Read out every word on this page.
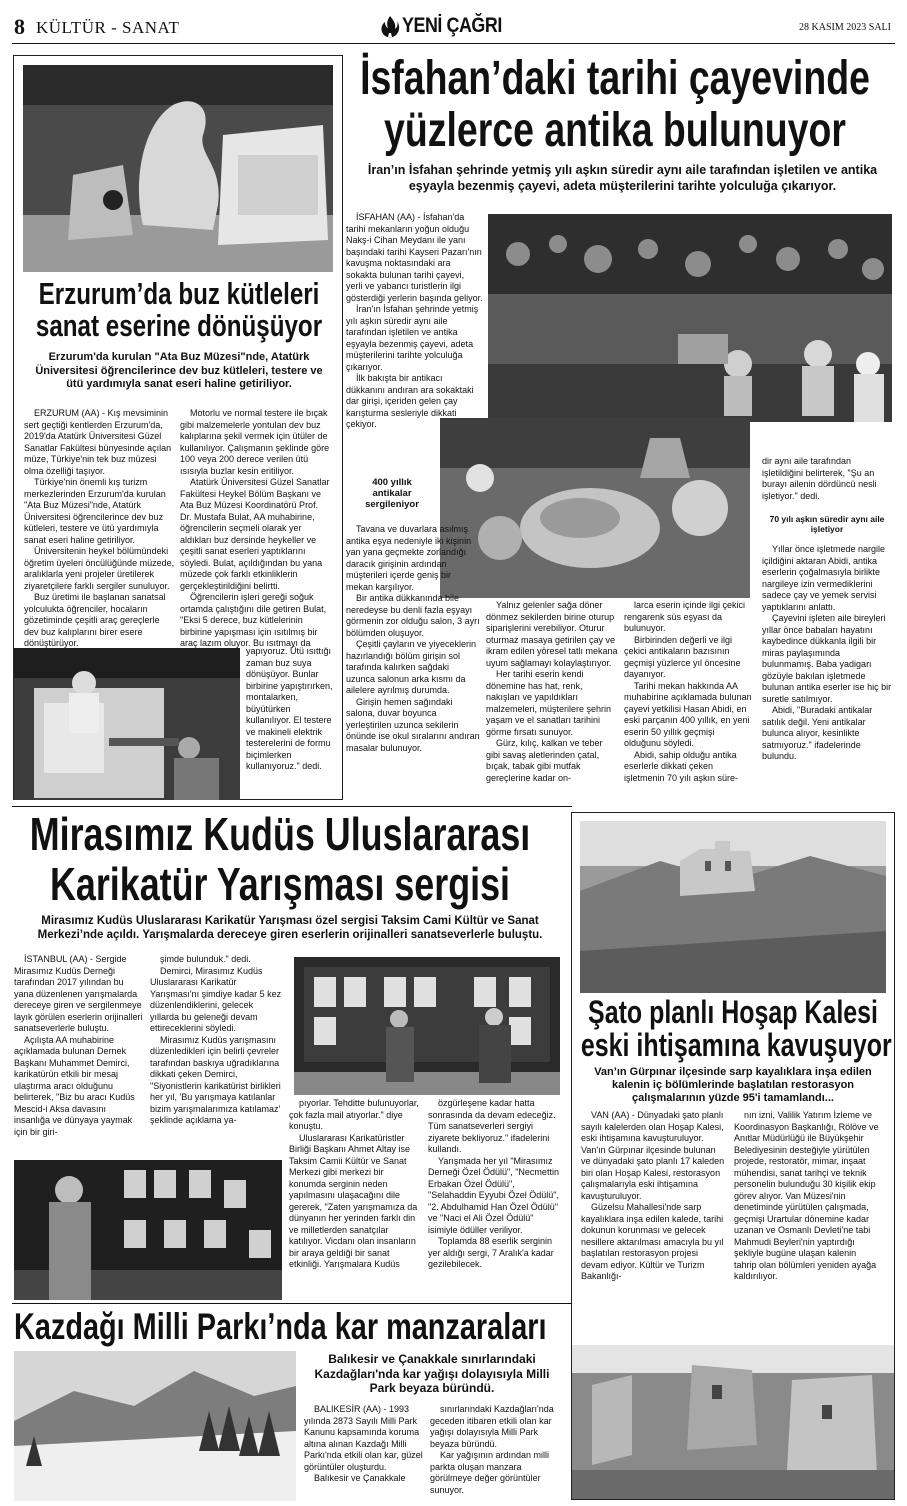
8 KÜLTÜR - SANAT	YENİ ÇAĞRI	28 KASIM 2023 SALI
Erzurum’da buz kütleleri
sanat eserine dönüşüyor
Erzurum'da kurulan "Ata Buz Müzesi"nde, Atatürk Üniversitesi öğrencilerince dev buz kütleleri, testere ve ütü yardımıyla sanat eseri haline getiriliyor.

ERZURUM (AA) - Kış mevsiminin sert geçtiği kentlerden Erzurum'da, 2019'da Atatürk Üniversitesi Güzel Sanatlar Fakültesi bünyesinde açılan müze, Türkiye'nin tek buz müzesi olma özelliği taşıyor.

Türkiye'nin önemli kış turizm merkezlerinden Erzurum'da kurulan "Ata Buz Müzesi"nde, Atatürk Üniversitesi öğrencilerince dev buz kütleleri, testere ve ütü yardımıyla sanat eseri haline getiriliyor.

Üniversitenin heykel bölümündeki öğretim üyeleri öncülüğünde müzede, aralıklarla yeni projeler üretilerek ziyaretçilere farklı sergiler sunuluyor.

Buz üretimi ile başlanan sanatsal yolculukta öğrenciler, hocaların gözetiminde çeşitli araç gereçlerle dev buz kalıplarını birer esere dönüştürüyor.

Motorlu ve normal testere ile bıçak gibi malzemelerle yontulan dev buz kalıplarına şekil vermek için ütüler de kullanılıyor. Çalışmanın şeklinde göre 100 veya 200 derece verilen ütü ısısıyla buzlar kesin eritiliyor.

Atatürk Üniversitesi Güzel Sanatlar Fakültesi Heykel Bölüm Başkanı ve Ata Buz Müzesi Koordinatörü Prof. Dr. Mustafa Bulat, AA muhabirine, öğrencilerin seçmeli olarak yer aldıkları buz dersinde heykeller ve çeşitli sanat eserleri yaptıklarını söyledi. Bulat, açıldığından bu yana müzede çok farklı etkinliklerin gerçekleştirildiğini belirtti.

Öğrencilerin işleri gereği soğuk ortamda çalıştığını dile getiren Bulat, "Eksi 5 derece, buz kütlelerinin birbirine yapışması için ısıtılmış bir araç lazım oluyor. Bu ısıtmayı da

yapıyoruz. Ütü ısıttığı zaman buz suya dönüşüyor. Bunlar birbirine yapıştırırken, montalarken, büyütürken kullanılıyor. El testere ve makineli elektrik testerelerini de formu biçimlerken kullanıyoruz." dedi.
İsfahan’daki tarihi çayevinde
yüzlerce antika bulunuyor
İran’ın İsfahan şehrinde yetmiş yılı aşkın süredir aynı aile tarafından işletilen ve antika eşyayla bezenmiş çayevi, adeta müşterilerini tarihte yolculuğa çıkarıyor.

İSFAHAN (AA) - İsfahan'da tarihi mekanların yoğun olduğu Nakş-i Cihan Meydanı ile yanı başındaki tarihi Kayseri Pazarı'nın kavuşma noktasındaki ara sokakta bulunan tarihi çayevi, yerli ve yabancı turistlerin ilgi gösterdiği yerlerin başında geliyor.

İran'ın İsfahan şehrinde yetmiş yılı aşkın süredir aynı aile tarafından işletilen ve antika eşyayla bezenmiş çayevi, adeta müşterilerini tarihte yolculuğa çıkarıyor.

İlk bakışta bir antikacı dükkanını andıran ara sokaktaki dar girişi, içeriden gelen çay karışturma sesleriyle dikkati çekiyor.

400 yıllık antikalar sergileniyor

Tavana ve duvarlara asılmış antika eşya nedeniyle iki kişinin yan yana geçmekte zorlandığı daracık girişinin ardından müşterileri içerde geniş bir mekan karşılıyor.

Bir antika dükkanında bile neredeyse bu denli fazla eşyayı görmenin zor olduğu salon, 3 ayrı bölümden oluşuyor.

Çeşitli çayların ve yiyeceklerin hazırlandığı bölüm girişin sol tarafında kalırken sağdaki uzunca salonun arka kısmı da ailelere ayrılmış durumda.

Girişin hemen sağındaki salona, duvar boyunca yerleştirilen uzunca sekilerin önünde ise okul sıralarını andıran masalar bulunuyor.

Yalnız gelenler sağa döner dönmez sekilerden birine oturup siparişlerini verebiliyor. Oturur oturmaz masaya getirilen çay ve ikram edilen yöresel tatlı mekana uyum sağlamayı kolaylaştırıyor.

Her tarihi eserin kendi dönemine has hat, renk, nakışları ve yapıldıkları malzemeleri, müşterilere şehrin yaşam ve el sanatları tarihini görme fırsatı sunuyor.

Gürz, kılıç, kalkan ve teber gibi savaş aletlerinden çatal, bıçak, tabak gibi mutfak gereçlerine kadar on-

larca eserin içinde ilgi çekici rengarenk süs eşyası da bulunuyor.

Birbirinden değerli ve ilgi çekici antikaların bazısının geçmişi yüzlerce yıl öncesine dayanıyor.

Tarihi mekan hakkında AA muhabirine açıklamada bulunan çayevi yetkilisi Hasan Abidi, en eski parçanın 400 yıllık, en yeni eserin 50 yıllık geçmişi olduğunu söyledi.

Abidi, sahip olduğu antika eserlerle dikkati çeken işletmenin 70 yılı aşkın süre-

dir aynı aile tarafından işletildiğini belirterek, "Şu an burayı ailenin dördüncü nesli işletiyor." dedi.
70 yılı aşkın süredir aynı aile işletiyor

Yıllar önce işletmede nargile içildiğini aktaran Abidi, antika eserlerin çoğalmasıyla birlikte nargileye izin vermediklerini sadece çay ve yemek servisi yaptıklarını anlattı.

Çayevini işleten aile bireyleri yıllar önce babaları hayatını kaybedince dükkanla ilgili bir miras paylaşımında bulunmamış. Baba yadigarı gözüyle bakılan işletmede bulunan antika eserler ise hiç bir suretle satılmıyor.

Abidi, "Buradaki antikalar satılık değil. Yeni antikalar bulunca alıyor, kesinlikte satmıyoruz." ifadelerinde bulundu.

Mirasımız Kudüs Uluslararası
Karikatür Yarışması sergisi
Mirasımız Kudüs Uluslararası Karikatür Yarışması özel sergisi Taksim Cami Kültür ve Sanat Merkezi’nde açıldı. Yarışmalarda dereceye giren eserlerin orijinalleri sanatseverlerle buluştu.

İSTANBUL (AA) - Sergide Mirasımız Kudüs Derneği tarafından 2017 yılından bu yana düzenlenen yarışmalarda dereceye giren ve sergilenmeye layık görülen eserlerin orijinalleri sanatseverlerle buluştu.

Açılışta AA muhabirine açıklamada bulunan Dernek Başkanı Muhammet Demirci, karikatürün etkili bir mesaj ulaştırma aracı olduğunu belirterek, "Biz bu aracı Kudüs Mescid-i Aksa davasını insanlığa ve dünyaya yaymak için bir giri-

şimde bulunduk." dedi.

Demirci, Mirasımız Kudüs Uluslararası Karikatür Yarışması'nı şimdiye kadar 5 kez düzenlendiklerini, gelecek yıllarda bu geleneği devam ettireceklerini söyledi.

Mirasımız Kudüs yarışmasını düzenledikleri için belirli çevreler tarafından baskıya uğradıklarına dikkati çeken Demirci, "Siyonistlerin karikatürist birlikleri her yıl, 'Bu yarışmaya katılanlar bizim yarışmalarımıza katılamaz' şeklinde açıklama ya-

pıyorlar. Tehditte bulunuyorlar, çok fazla mail atıyorlar." diye konuştu.

Uluslararası Karikatüristler Birliği Başkanı Ahmet Altay ise Taksim Camii Kültür ve Sanat Merkezi gibi merkezi bir konumda serginin neden yapılmasını ulaşacağını dile gererek, "Zaten yarışmamıza da dünyanın her yerinden farklı din ve milletlerden sanatçılar katılıyor. Vicdanı olan insanların bir araya geldiği bir sanat etkinliği. Yarışmalara Kudüs

özgürleşene kadar hatta sonrasında da devam edeceğiz. Tüm sanatseverleri sergiyi ziyarete bekliyoruz." ifadelerini kullandı.

Yarışmada her yıl "Mirasımız Derneği Özel Ödülü", "Necmettin Erbakan Özel Ödülü", "Selahaddin Eyyubi Özel Ödülü", "2. Abdulhamid Han Özel Ödülü" ve "Naci el Ali Özel Ödülü" isimiyle ödüller veriliyor.

Toplamda 88 eserlik serginin yer aldığı sergi, 7 Aralık'a kadar gezilebilecek.

Şato planlı Hoşap Kalesi
eski ihtişamına kavuşuyor
Van’ın Gürpınar ilçesinde sarp kayalıklara inşa edilen kalenin iç bölümlerinde başlatılan restorasyon çalışmalarının yüzde 95'i tamamlandı...

VAN (AA) - Dünyadaki şato planlı sayılı kalelerden olan Hoşap Kalesi, eski ihtişamına kavuşturuluyor. Van'ın Gürpınar ilçesinde bulunan ve dünyadaki şato planlı 17 kaleden biri olan Hoşap Kalesi, restorasyon çalışmalarıyla eski ihtişamına kavuşturuluyor.

Güzelsu Mahallesi'nde sarp kayalıklara inşa edilen kalede, tarihi dokunun korunması ve gelecek nesillere aktarılması amacıyla bu yıl başlatılan restorasyon projesi devam ediyor. Kültür ve Turizm Bakanlığı-

nın izni, Valilik Yatırım İzleme ve Koordinasyon Başkanlığı, Rölöve ve Anıtlar Müdürlüğü ile Büyükşehir Belediyesinin desteğiyle yürütülen projede, restoratör, mimar, inşaat mühendisi, sanat tarihçi ve teknik personelin bulunduğu 30 kişilik ekip görev alıyor. Van Müzesi'nin denetiminde yürütülen çalışmada, geçmişi Urartular dönemine kadar uzanan ve Osmanlı Devleti'ne tabi Mahmudi Beyleri'nin yaptırdığı şekliyle bugüne ulaşan kalenin tahrip olan bölümleri yeniden ayağa kaldırılıyor.

Kazdağı Milli Parkı’nda kar manzaraları
Balıkesir ve Çanakkale sınırlarındaki Kazdağları'nda kar yağışı dolayısıyla Milli Park beyaza büründü.

BALIKESİR (AA) - 1993 yılında 2873 Sayılı Milli Park Kanunu kapsamında koruma altına alınan Kazdağı Milli Parkı'nda etkili olan kar, güzel görüntüler oluşturdu.

Balıkesir ve Çanakkale

sınırlarındaki Kazdağları'nda geceden itibaren etkili olan kar yağışı dolayısıyla Milli Park beyaza büründü.

Kar yağışının ardından milli parkta oluşan manzara görülmeye değer görüntüler sunuyor.
